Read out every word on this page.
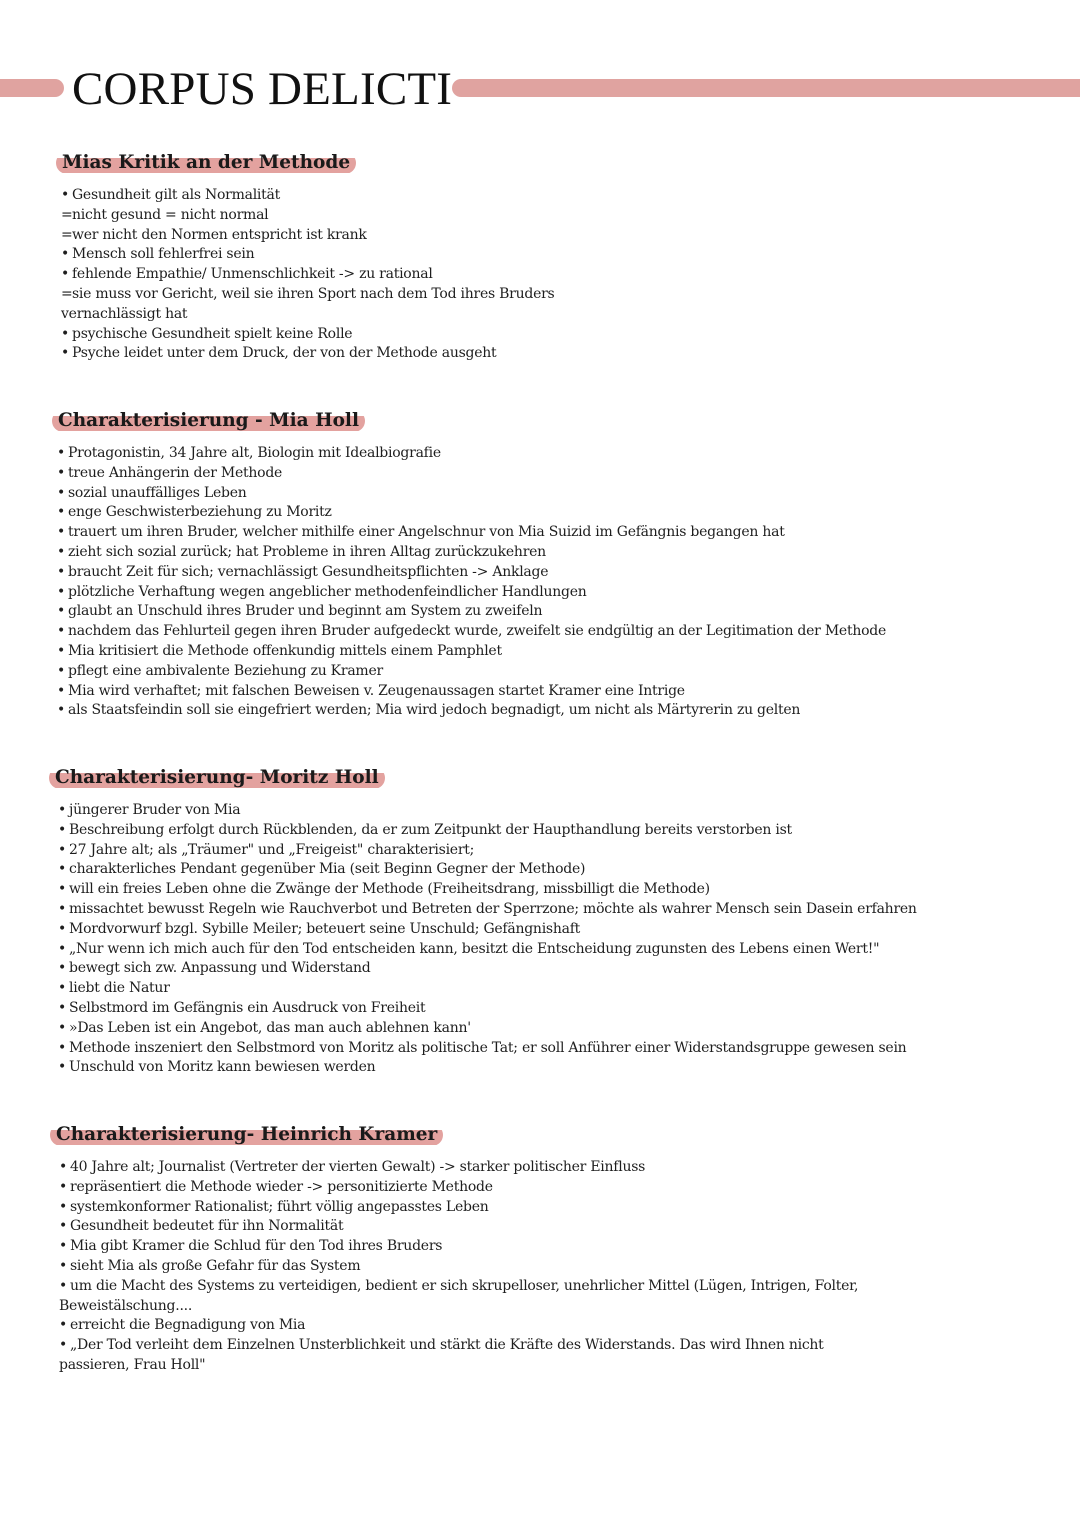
CORPUS DELICTI
Mias Kritik an der Methode
• Gesundheit gilt als Normalität
=nicht gesund = nicht normal
=wer nicht den Normen entspricht ist krank
• Mensch soll fehlerfrei sein
• fehlende Empathie/ Unmenschlichkeit -> zu rational
=sie muss vor Gericht, weil sie ihren Sport nach dem Tod ihres Bruders
vernachlässigt hat
• psychische Gesundheit spielt keine Rolle
• Psyche leidet unter dem Druck, der von der Methode ausgeht
Charakterisierung - Mia Holl
• Protagonistin, 34 Jahre alt, Biologin mit Idealbiografie
• treue Anhängerin der Methode
• sozial unauffälliges Leben
• enge Geschwisterbeziehung zu Moritz
• trauert um ihren Bruder, welcher mithilfe einer Angelschnur von Mia Suizid im Gefängnis begangen hat
• zieht sich sozial zurück; hat Probleme in ihren Alltag zurückzukehren
• braucht Zeit für sich; vernachlässigt Gesundheitspflichten -> Anklage
• plötzliche Verhaftung wegen angeblicher methodenfeindlicher Handlungen
• glaubt an Unschuld ihres Bruder und beginnt am System zu zweifeln
• nachdem das Fehlurteil gegen ihren Bruder aufgedeckt wurde, zweifelt sie endgültig an der Legitimation der Methode
• Mia kritisiert die Methode offenkundig mittels einem Pamphlet
• pflegt eine ambivalente Beziehung zu Kramer
• Mia wird verhaftet; mit falschen Beweisen v. Zeugenaussagen startet Kramer eine Intrige
• als Staatsfeindin soll sie eingefriert werden; Mia wird jedoch begnadigt, um nicht als Märtyrerin zu gelten
Charakterisierung- Moritz Holl
• jüngerer Bruder von Mia
• Beschreibung erfolgt durch Rückblenden, da er zum Zeitpunkt der Haupthandlung bereits verstorben ist
• 27 Jahre alt; als „Träumer" und „Freigeist" charakterisiert;
• charakterliches Pendant gegenüber Mia (seit Beginn Gegner der Methode)
• will ein freies Leben ohne die Zwänge der Methode (Freiheitsdrang, missbilligt die Methode)
• missachtet bewusst Regeln wie Rauchverbot und Betreten der Sperrzone; möchte als wahrer Mensch sein Dasein erfahren
• Mordvorwurf bzgl. Sybille Meiler; beteuert seine Unschuld; Gefängnishaft
• „Nur wenn ich mich auch für den Tod entscheiden kann, besitzt die Entscheidung zugunsten des Lebens einen Wert!"
• bewegt sich zw. Anpassung und Widerstand
• liebt die Natur
• Selbstmord im Gefängnis ein Ausdruck von Freiheit
• »Das Leben ist ein Angebot, das man auch ablehnen kann'
• Methode inszeniert den Selbstmord von Moritz als politische Tat; er soll Anführer einer Widerstandsgruppe gewesen sein
• Unschuld von Moritz kann bewiesen werden
Charakterisierung- Heinrich Kramer
• 40 Jahre alt; Journalist (Vertreter der vierten Gewalt) -> starker politischer Einfluss
• repräsentiert die Methode wieder -> personitizierte Methode
• systemkonformer Rationalist; führt völlig angepasstes Leben
• Gesundheit bedeutet für ihn Normalität
• Mia gibt Kramer die Schlud für den Tod ihres Bruders
• sieht Mia als große Gefahr für das System
• um die Macht des Systems zu verteidigen, bedient er sich skrupelloser, unehrlicher Mittel (Lügen, Intrigen, Folter,
Beweistälschung....
• erreicht die Begnadigung von Mia
• „Der Tod verleiht dem Einzelnen Unsterblichkeit und stärkt die Kräfte des Widerstands. Das wird Ihnen nicht
passieren, Frau Holl"
